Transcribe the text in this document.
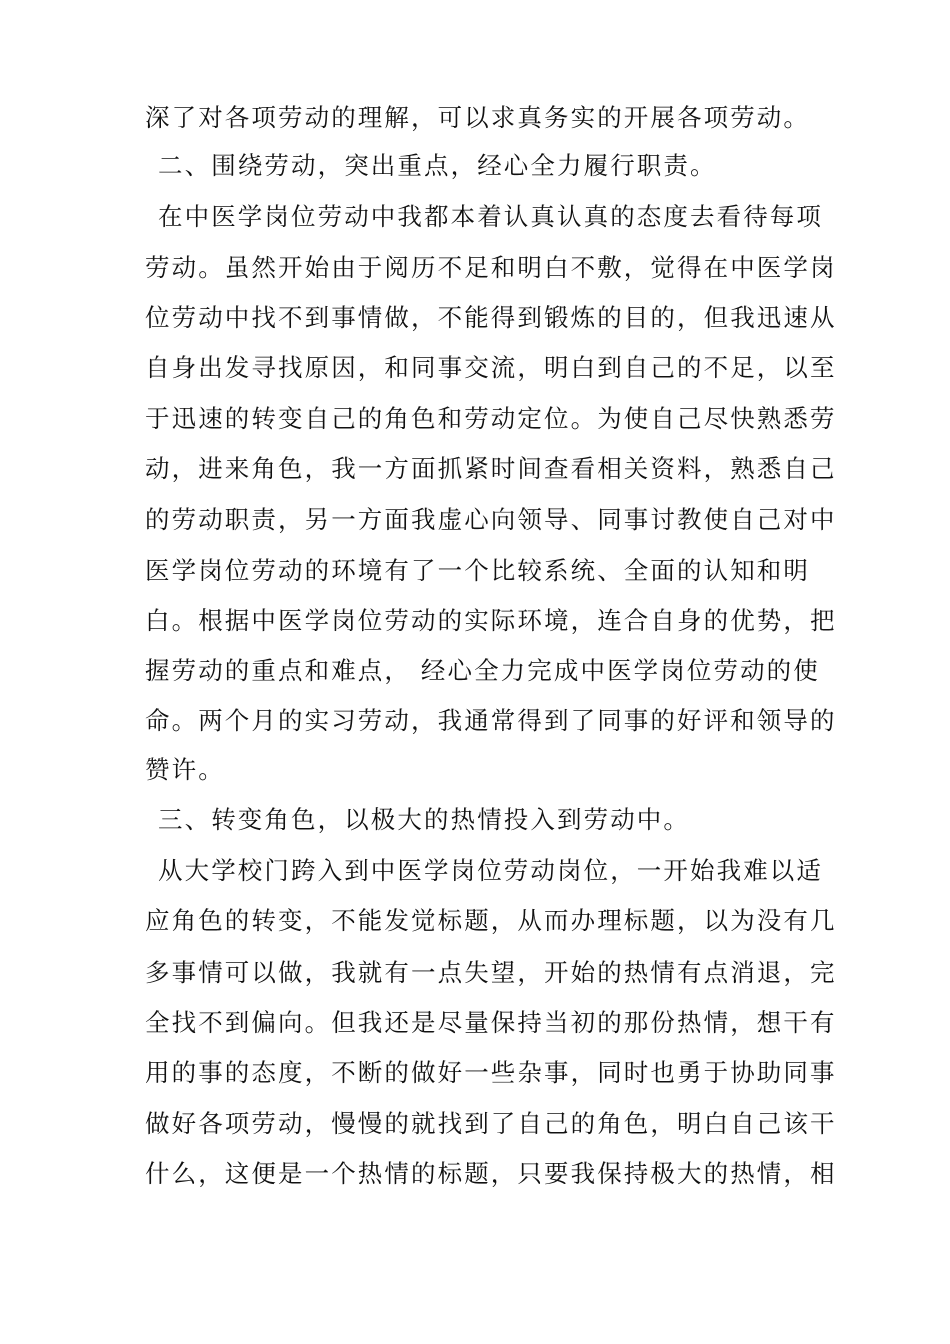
深了对各项劳动的理解，可以求真务实的开展各项劳动。
二、围绕劳动，突出重点，经心全力履行职责。
在中医学岗位劳动中我都本着认真认真的态度去看待每项
劳动。虽然开始由于阅历不足和明白不敷，觉得在中医学岗
位劳动中找不到事情做，不能得到锻炼的目的，但我迅速从
自身出发寻找原因，和同事交流，明白到自己的不足，以至
于迅速的转变自己的角色和劳动定位。为使自己尽快熟悉劳
动，进来角色，我一方面抓紧时间查看相关资料，熟悉自己
的劳动职责，另一方面我虚心向领导、同事讨教使自己对中
医学岗位劳动的环境有了一个比较系统、全面的认知和明
白。根据中医学岗位劳动的实际环境，连合自身的优势，把
握劳动的重点和难点， 经心全力完成中医学岗位劳动的使
命。两个月的实习劳动，我通常得到了同事的好评和领导的
赞许。
三、转变角色，以极大的热情投入到劳动中。
从大学校门跨入到中医学岗位劳动岗位，一开始我难以适
应角色的转变，不能发觉标题，从而办理标题，以为没有几
多事情可以做，我就有一点失望，开始的热情有点消退，完
全找不到偏向。但我还是尽量保持当初的那份热情，想干有
用的事的态度，不断的做好一些杂事，同时也勇于协助同事
做好各项劳动，慢慢的就找到了自己的角色，明白自己该干
什么，这便是一个热情的标题，只要我保持极大的热情，相
